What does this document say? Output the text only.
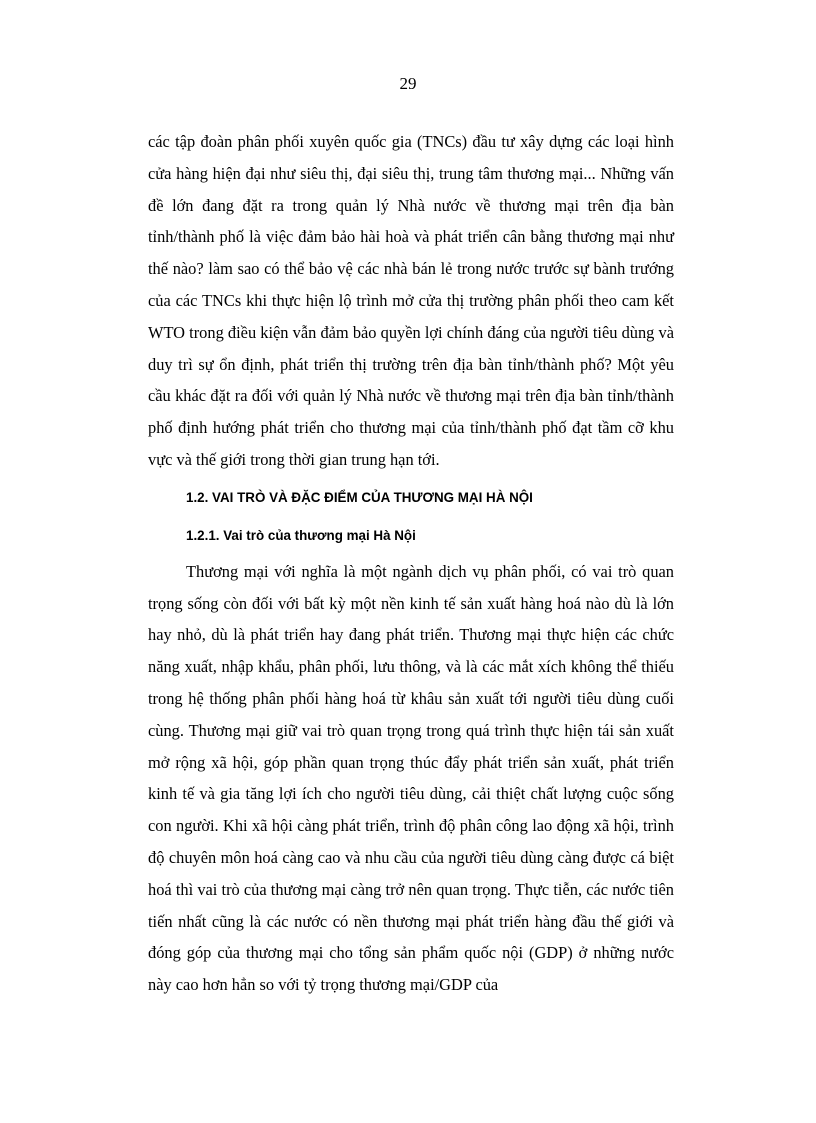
29

các tập đoàn phân phối xuyên quốc gia (TNCs) đầu tư xây dựng các loại hình cửa hàng hiện đại như siêu thị, đại siêu thị, trung tâm thương mại... Những vấn đề lớn đang đặt ra trong quản lý Nhà nước về thương mại trên địa bàn tỉnh/thành phố là việc đảm bảo hài hoà và phát triển cân bằng thương mại như thế nào? làm sao có thể bảo vệ các nhà bán lẻ trong nước trước sự bành trướng của các TNCs khi thực hiện lộ trình mở cửa thị trường phân phối theo cam kết WTO trong điều kiện vẫn đảm bảo quyền lợi chính đáng của người tiêu dùng và duy trì sự ổn định, phát triển thị trường trên địa bàn tỉnh/thành phố? Một yêu cầu khác đặt ra đối với quản lý Nhà nước về thương mại trên địa bàn tỉnh/thành phố định hướng phát triển cho thương mại của tỉnh/thành phố đạt tầm cỡ khu vực và thế giới trong thời gian trung hạn tới.

1.2. VAI TRÒ VÀ ĐẶC ĐIỂM CỦA THƯƠNG MẠI HÀ NỘI
1.2.1. Vai trò của thương mại Hà Nội

Thương mại với nghĩa là một ngành dịch vụ phân phối, có vai trò quan trọng sống còn đối với bất kỳ một nền kinh tế sản xuất hàng hoá nào dù là lớn hay nhỏ, dù là phát triển hay đang phát triển. Thương mại thực hiện các chức năng xuất, nhập khẩu, phân phối, lưu thông, và là các mắt xích không thể thiếu trong hệ thống phân phối hàng hoá từ khâu sản xuất tới người tiêu dùng cuối cùng. Thương mại giữ vai trò quan trọng trong quá trình thực hiện tái sản xuất mở rộng xã hội, góp phần quan trọng thúc đẩy phát triển sản xuất, phát triển kinh tế và gia tăng lợi ích cho người tiêu dùng, cải thiệt chất lượng cuộc sống con người. Khi xã hội càng phát triển, trình độ phân công lao động xã hội, trình độ chuyên môn hoá càng cao và nhu cầu của người tiêu dùng càng được cá biệt hoá thì vai trò của thương mại càng trở nên quan trọng. Thực tiễn, các nước tiên tiến nhất cũng là các nước có nền thương mại phát triển hàng đầu thế giới và đóng góp của thương mại cho tổng sản phẩm quốc nội (GDP) ở những nước này cao hơn hẳn so với tỷ trọng thương mại/GDP của
